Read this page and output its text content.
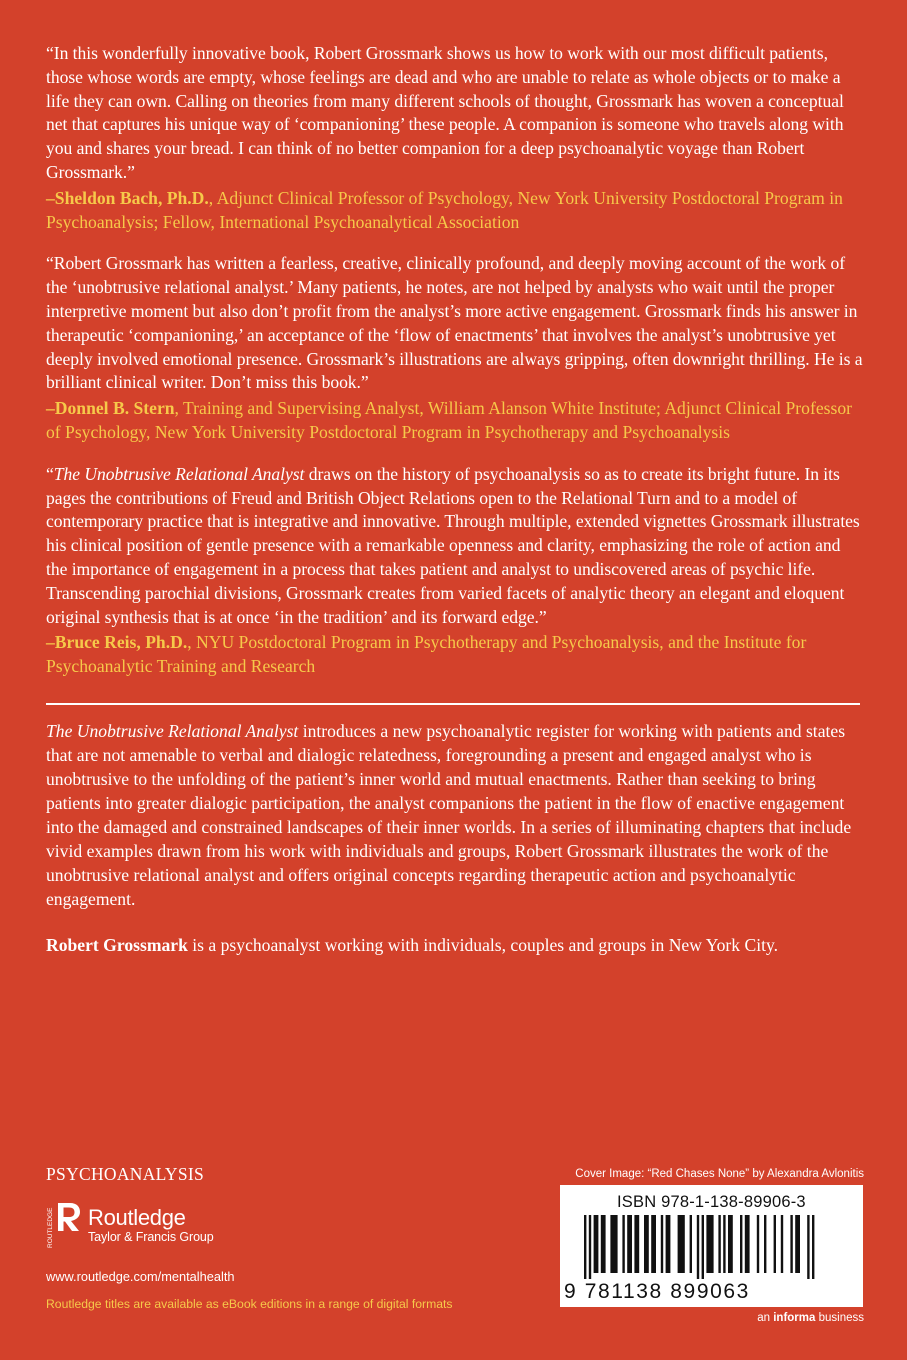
“In this wonderfully innovative book, Robert Grossmark shows us how to work with our most difficult patients, those whose words are empty, whose feelings are dead and who are unable to relate as whole objects or to make a life they can own. Calling on theories from many different schools of thought, Grossmark has woven a conceptual net that captures his unique way of ‘companioning’ these people. A companion is someone who travels along with you and shares your bread. I can think of no better companion for a deep psychoanalytic voyage than Robert Grossmark.”

–Sheldon Bach, Ph.D., Adjunct Clinical Professor of Psychology, New York University Postdoctoral Program in Psychoanalysis; Fellow, International Psychoanalytical Association

“Robert Grossmark has written a fearless, creative, clinically profound, and deeply moving account of the work of the ‘unobtrusive relational analyst.’ Many patients, he notes, are not helped by analysts who wait until the proper interpretive moment but also don’t profit from the analyst’s more active engagement. Grossmark finds his answer in therapeutic ‘companioning,’ an acceptance of the ‘flow of enactments’ that involves the analyst’s unobtrusive yet deeply involved emotional presence. Grossmark’s illustrations are always gripping, often downright thrilling. He is a brilliant clinical writer. Don’t miss this book.”

–Donnel B. Stern, Training and Supervising Analyst, William Alanson White Institute; Adjunct Clinical Professor of Psychology, New York University Postdoctoral Program in Psychotherapy and Psychoanalysis

“The Unobtrusive Relational Analyst draws on the history of psychoanalysis so as to create its bright future. In its pages the contributions of Freud and British Object Relations open to the Relational Turn and to a model of contemporary practice that is integrative and innovative. Through multiple, extended vignettes Grossmark illustrates his clinical position of gentle presence with a remarkable openness and clarity, emphasizing the role of action and the importance of engagement in a process that takes patient and analyst to undiscovered areas of psychic life. Transcending parochial divisions, Grossmark creates from varied facets of analytic theory an elegant and eloquent original synthesis that is at once ‘in the tradition’ and its forward edge.”

–Bruce Reis, Ph.D., NYU Postdoctoral Program in Psychotherapy and Psychoanalysis, and the Institute for Psychoanalytic Training and Research

The Unobtrusive Relational Analyst introduces a new psychoanalytic register for working with patients and states that are not amenable to verbal and dialogic relatedness, foregrounding a present and engaged analyst who is unobtrusive to the unfolding of the patient’s inner world and mutual enactments. Rather than seeking to bring patients into greater dialogic participation, the analyst companions the patient in the flow of enactive engagement into the damaged and constrained landscapes of their inner worlds. In a series of illuminating chapters that include vivid examples drawn from his work with individuals and groups, Robert Grossmark illustrates the work of the unobtrusive relational analyst and offers original concepts regarding therapeutic action and psychoanalytic engagement.

Robert Grossmark is a psychoanalyst working with individuals, couples and groups in New York City.

PSYCHOANALYSIS

ROUTLEDGE Routledge
Taylor & Francis Group
www.routledge.com/mentalhealth
Routledge titles are available as eBook editions in a range of digital formats
Cover Image: “Red Chases None” by Alexandra Avlonitis
ISBN 978-1-138-89906-3
9 781138 899063
an informa business
